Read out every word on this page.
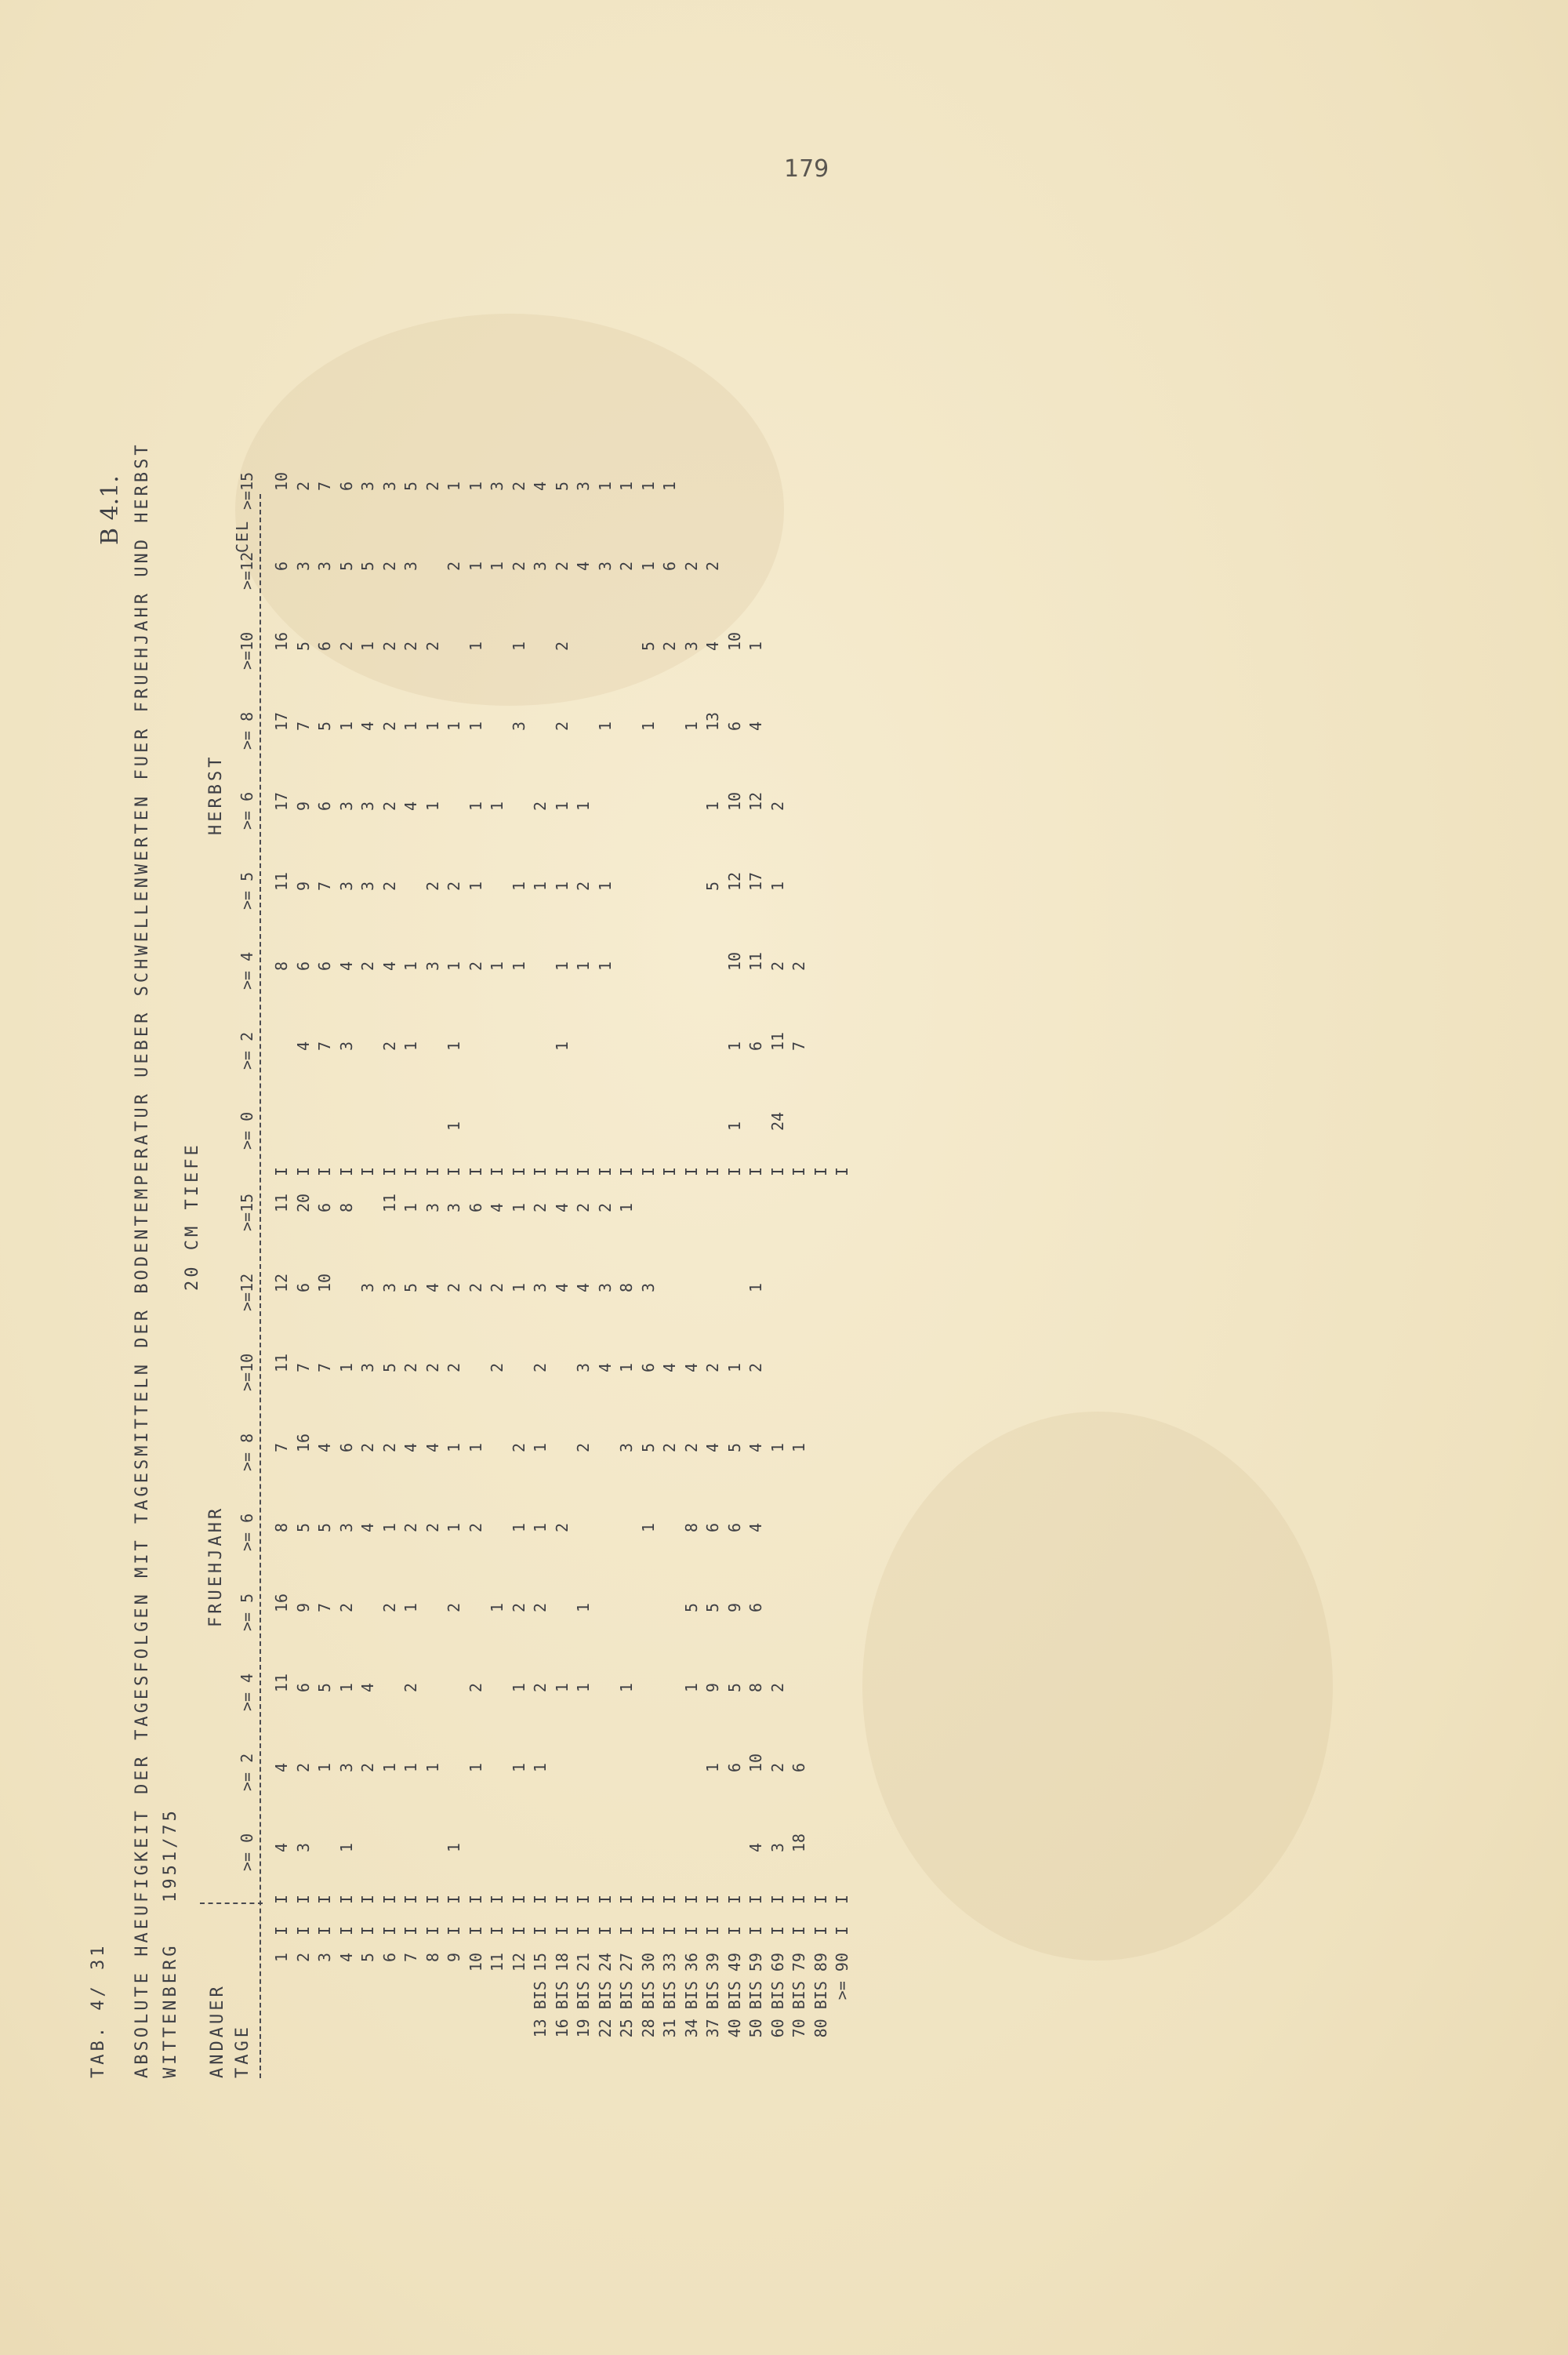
179
TAB. 4/ 31
B 4.1. ABSOLUTE HAEUFIGKEIT DER TAGESFOLGEN MIT TAGESMITTELN DER BODENTEMPERATUR UEBER SCHWELLENWERTEN FUER FRUEHJAHR UND HERBST WITTENBERG   1951/75 ANDAUER TAGE
20 CM TIEFE
FRUEHJAHR
HERBST
CEL
>= 0
>= 0
>= 2
>= 2
>= 4
>= 4
>= 5
>= 5
>= 6
>= 6
>= 8
>= 8
>=10
>=10
>=12
>=12
>=15
>=15
1
I
I
I
4
4
11
16
8
7
11
12
11
8
11
17
17
16
6
10
2
I
I
I
3
2
6
9
5
16
7
6
20
4
6
9
9
7
5
3
2
3
I
I
I
1
5
7
5
4
7
10
6
7
6
7
6
5
6
3
7
4
I
I
I
1
3
1
2
3
6
1
8
3
4
3
3
1
2
5
6
5
I
I
I
2
4
4
2
3
3
2
3
3
4
1
5
3
6
I
I
I
1
2
1
2
5
3
11
2
4
2
2
2
2
2
3
7
I
I
I
1
2
1
2
4
2
5
1
1
1
4
1
2
3
5
8
I
I
I
1
2
4
2
4
3
3
2
1
1
2
2
9
I
I
I
1
2
1
1
2
2
3
1
1
1
2
1
2
1
10
I
I
I
1
2
2
1
2
6
2
1
1
1
1
1
1
11
I
I
I
1
2
2
4
1
1
1
3
12
I
I
I
1
1
2
1
2
1
1
1
1
3
1
2
2
13 BIS 15
I
I
I
1
2
2
1
1
2
3
2
1
2
3
4
16 BIS 18
I
I
I
1
2
4
4
1
1
1
1
2
2
2
5
19 BIS 21
I
I
I
1
1
2
3
4
2
1
2
1
4
3
22 BIS 24
I
I
I
4
3
2
1
1
1
3
1
25 BIS 27
I
I
I
1
3
1
8
1
2
1
28 BIS 30
I
I
I
1
5
6
3
1
5
1
1
31 BIS 33
I
I
I
2
4
2
6
1
34 BIS 36
I
I
I
1
5
8
2
4
1
3
2
37 BIS 39
I
I
I
1
9
5
6
4
2
5
1
13
4
2
40 BIS 49
I
I
I
6
5
9
6
5
1
1
1
10
12
10
6
10
50 BIS 59
I
I
I
4
10
8
6
4
4
2
1
6
11
17
12
4
1
60 BIS 69
I
I
I
3
2
2
1
24
11
2
1
2
70 BIS 79
I
I
I
18
6
1
7
2
80 BIS 89
I
I
I
>= 90
I
I
I
